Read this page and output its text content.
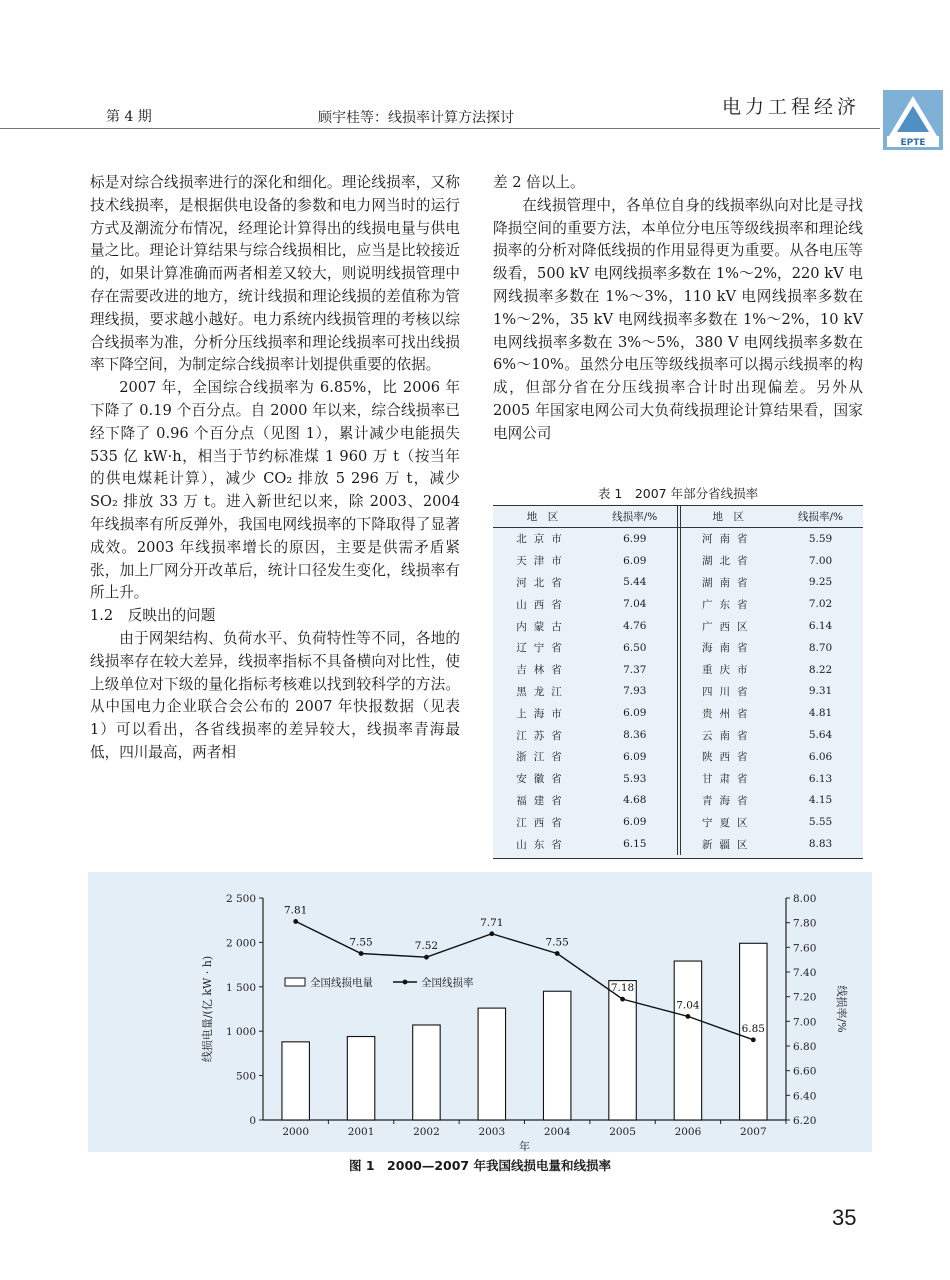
第 4 期	顾宇桂等：线损率计算方法探讨	电力工程经济
EPTE

标是对综合线损率进行的深化和细化。理论线损率，又称技术线损率，是根据供电设备的参数和电力网当时的运行方式及潮流分布情况，经理论计算得出的线损电量与供电量之比。理论计算结果与综合线损相比，应当是比较接近的，如果计算准确而两者相差又较大，则说明线损管理中存在需要改进的地方，统计线损和理论线损的差值称为管理线损，要求越小越好。电力系统内线损管理的考核以综合线损率为准，分析分压线损率和理论线损率可找出线损率下降空间，为制定综合线损率计划提供重要的依据。

2007 年，全国综合线损率为 6.85%，比 2006 年下降了 0.19 个百分点。自 2000 年以来，综合线损率已经下降了 0.96 个百分点（见图 1），累计减少电能损失 535 亿 kW·h，相当于节约标准煤 1 960 万 t（按当年的供电煤耗计算），减少 CO₂ 排放 5 296 万 t，减少 SO₂ 排放 33 万 t。进入新世纪以来，除 2003、2004 年线损率有所反弹外，我国电网线损率的下降取得了显著成效。2003 年线损率增长的原因，主要是供需矛盾紧张，加上厂网分开改革后，统计口径发生变化，线损率有所上升。

1.2　反映出的问题

由于网架结构、负荷水平、负荷特性等不同，各地的线损率存在较大差异，线损率指标不具备横向对比性，使上级单位对下级的量化指标考核难以找到较科学的方法。从中国电力企业联合会公布的 2007 年快报数据（见表 1）可以看出，各省线损率的差异较大，线损率青海最低，四川最高，两者相

差 2 倍以上。

在线损管理中，各单位自身的线损率纵向对比是寻找降损空间的重要方法，本单位分电压等级线损率和理论线损率的分析对降低线损的作用显得更为重要。从各电压等级看，500 kV 电网线损率多数在 1%～2%，220 kV 电网线损率多数在 1%～3%，110 kV 电网线损率多数在 1%～2%，35 kV 电网线损率多数在 1%～2%，10 kV 电网线损率多数在 3%～5%，380 V 电网线损率多数在 6%～10%。虽然分电压等级线损率可以揭示线损率的构成，但部分省在分压线损率合计时出现偏差。另外从 2005 年国家电网公司大负荷线损理论计算结果看，国家电网公司

表 1　2007 年部分省线损率
地　区	线损率/%	地　区	线损率/%
北京市	6.99	河南省	5.59
天津市	6.09	湖北省	7.00
河北省	5.44	湖南省	9.25
山西省	7.04	广东省	7.02
内蒙古	4.76	广西区	6.14
辽宁省	6.50	海南省	8.70
吉林省	7.37	重庆市	8.22
黑龙江	7.93	四川省	9.31
上海市	6.09	贵州省	4.81
江苏省	8.36	云南省	5.64
浙江省	6.09	陕西省	6.06
安徽省	5.93	甘肃省	6.13
福建省	4.68	青海省	4.15
江西省	6.09	宁夏区	5.55
山东省	6.15	新疆区	8.83
0
500
1 000
1 500
2 000
2 500
6.20
6.40
6.60
6.80
7.00
7.20
7.40
7.60
7.80
8.00
2000	2001	2002	2003	2004	2005	2006	2007
7.81
7.55	7.52
7.71
7.55
7.18
7.04
6.85
线损电量/(亿 kW · h)	线损率/%
年
全国线损电量	全国线损率
图 1　2000—2007 年我国线损电量和线损率
35
